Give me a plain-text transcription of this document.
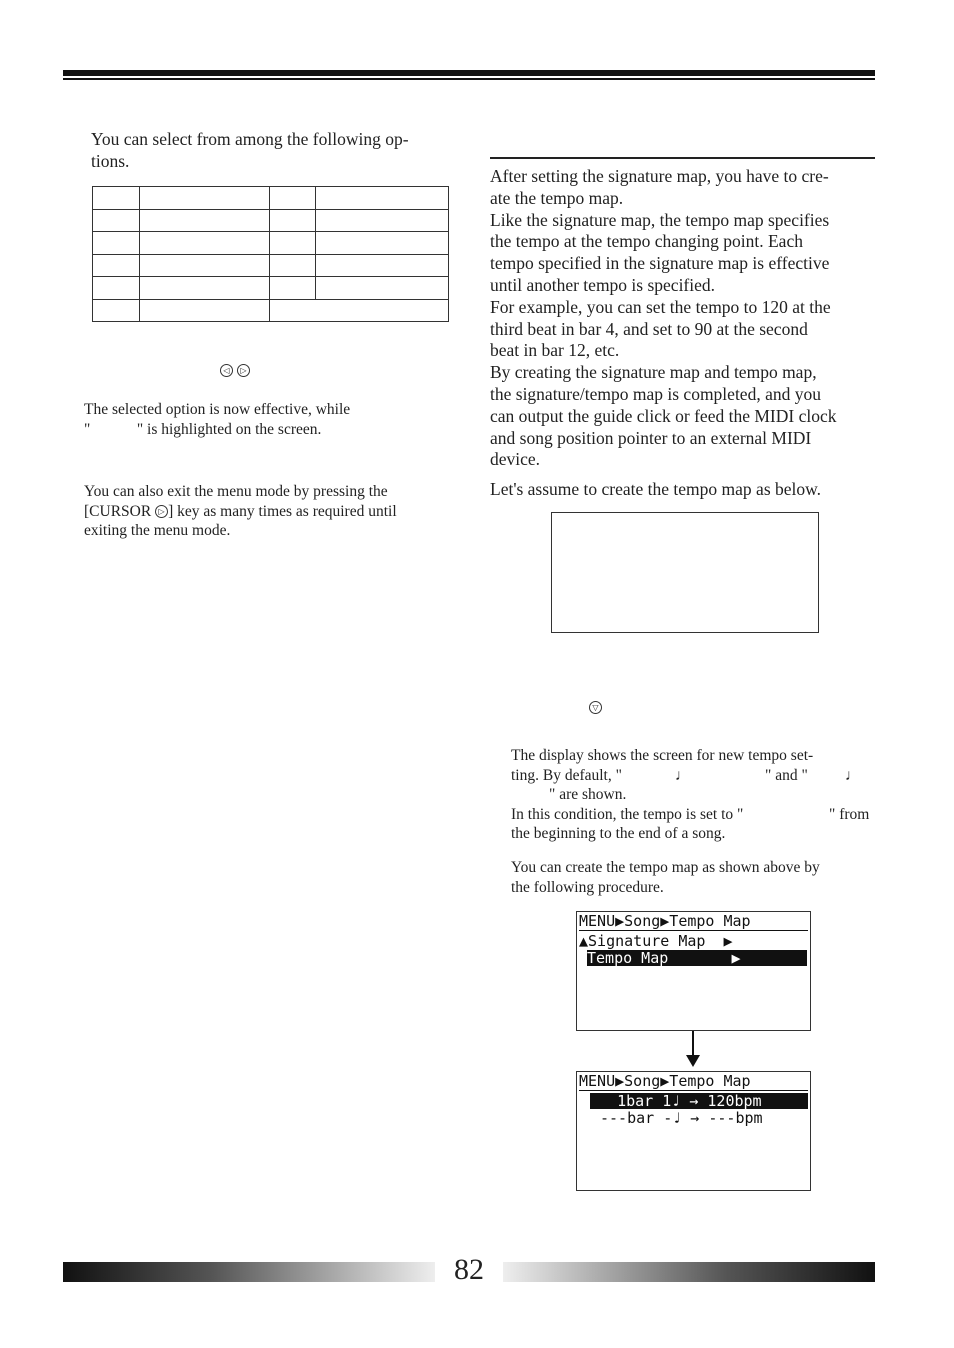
You can select from among the following op-
tions.

◁ ▷
The selected option is now effective, while
"            " is highlighted on the screen.
You can also exit the menu mode by pressing the
[CURSOR ▷ ] key as many times as required until
exiting the menu mode.
After setting the signature map, you have to cre-
ate the tempo map.
Like the signature map, the tempo map specifies
the tempo at the tempo changing point. Each
tempo specified in the signature map is effective
until another tempo is specified.
For example, you can set the tempo to 120 at the
third beat in bar 4, and set to 90 at the second
beat in bar 12, etc.
By creating the signature map and tempo map,
the signature/tempo map is completed, and you
can output the guide click or feed the MIDI clock
and song position pointer to an external MIDI
device.
Let's assume to create the tempo map as below.
▽
The display shows the screen for new tempo set-
ting. By default, "	♩	" and " ♩
" are shown.
In this condition, the tempo is set to "	" from
the beginning to the end of a song.
You can create the tempo map as shown above by
the following procedure.
MENU▶Song▶Tempo Map
▲Signature Map  ▶
Tempo Map       ▶
MENU▶Song▶Tempo Map
1bar 1♩ → 120bpm
---bar -♩ → ---bpm
82
